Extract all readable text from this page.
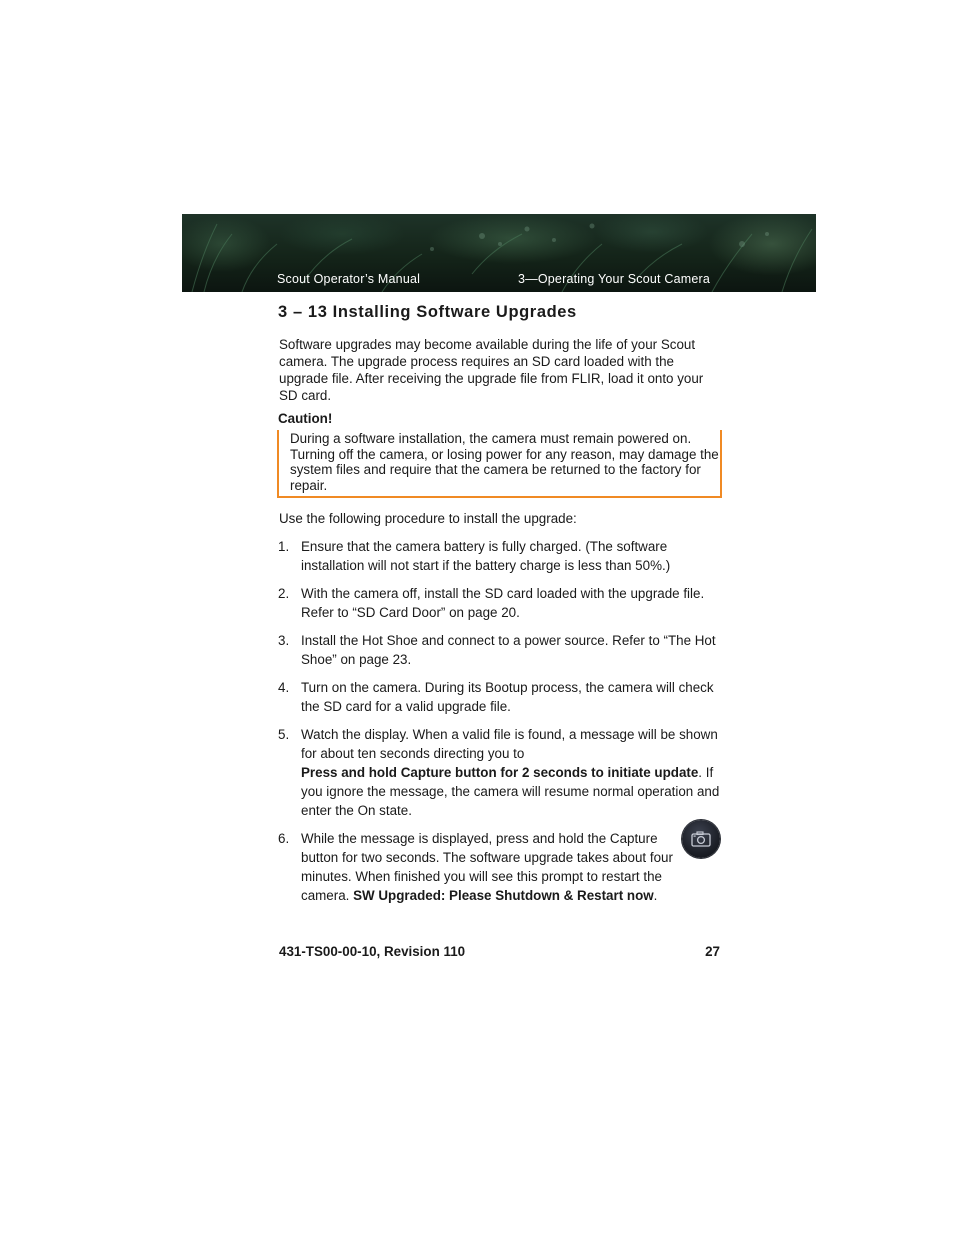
Scout Operator’s Manual	3—Operating Your Scout Camera
3 – 13 Installing Software Upgrades

Software upgrades may become available during the life of your Scout camera. The upgrade process requires an SD card loaded with the upgrade file. After receiving the upgrade file from FLIR, load it onto your SD card.

Caution!
During a software installation, the camera must remain powered on. Turning off the camera, or losing power for any reason, may damage the system files and require that the camera be returned to the factory for repair.

Use the following procedure to install the upgrade:

1. Ensure that the camera battery is fully charged. (The software installation will not start if the battery charge is less than 50%.)
2. With the camera off, install the SD card loaded with the upgrade file. Refer to “SD Card Door” on page 20.
3. Install the Hot Shoe and connect to a power source. Refer to “The Hot Shoe” on page 23.
4. Turn on the camera. During its Bootup process, the camera will check the SD card for a valid upgrade file.
5. Watch the display. When a valid file is found, a message will be shown for about ten seconds directing you to
Press and hold Capture button for 2 seconds to initiate update. If you ignore the message, the camera will resume normal operation and enter the On state.
6. While the message is displayed, press and hold the Capture button for two seconds. The software upgrade takes about four minutes. When finished you will see this prompt to restart the camera. SW Upgraded: Please Shutdown & Restart now.
431-TS00-00-10, Revision 110	27
